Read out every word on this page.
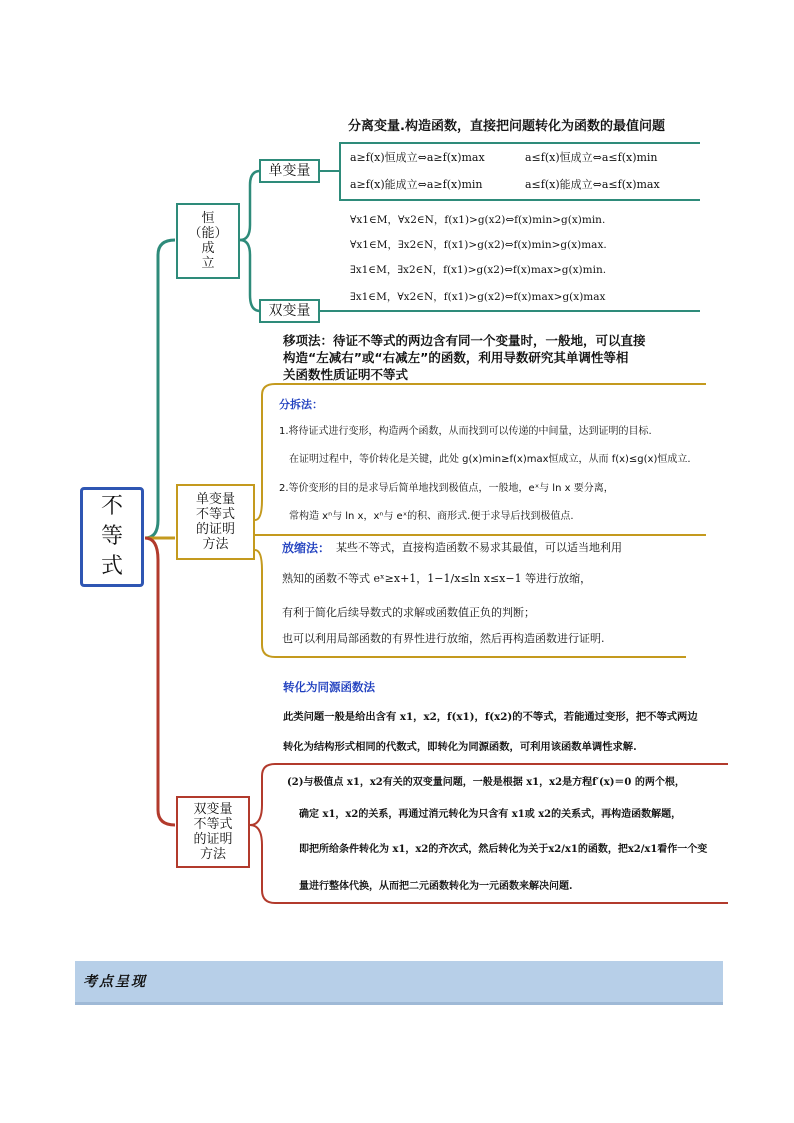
不
等
式
恒
（能）
成
立
单变量
双变量
分离变量.构造函数，直接把问题转化为函数的最值问题
a≥f(x)恒成立⇔a≥f(x)max	a≤f(x)恒成立⇔a≤f(x)min
a≥f(x)能成立⇔a≥f(x)min	a≤f(x)能成立⇔a≤f(x)max
∀x1∈M，∀x2∈N，f(x1)>g(x2)⇔f(x)min>g(x)min.
∀x1∈M，∃x2∈N，f(x1)>g(x2)⇔f(x)min>g(x)max.
∃x1∈M，∃x2∈N，f(x1)>g(x2)⇔f(x)max>g(x)min.
∃x1∈M，∀x2∈N，f(x1)>g(x2)⇔f(x)max>g(x)max
单变量
不等式
的证明
方法
移项法：待证不等式的两边含有同一个变量时，一般地，可以直接
构造“左减右”或“右减左”的函数，利用导数研究其单调性等相
关函数性质证明不等式
分拆法：
1.将待证式进行变形，构造两个函数，从而找到可以传递的中间量，达到证明的目标.
在证明过程中，等价转化是关键，此处 g(x)min≥f(x)max恒成立，从而 f(x)≤g(x)恒成立.
2.等价变形的目的是求导后简单地找到极值点，一般地，eˣ与 ln x 要分离，
常构造 xⁿ与 ln x，xⁿ与 eˣ的积、商形式.便于求导后找到极值点.
放缩法： 某些不等式，直接构造函数不易求其最值，可以适当地利用
熟知的函数不等式 eˣ≥x+1，1−1/x≤ln x≤x−1 等进行放缩，
有利于简化后续导数式的求解或函数值正负的判断；
也可以利用局部函数的有界性进行放缩，然后再构造函数进行证明.
双变量
不等式
的证明
方法
转化为同源函数法
此类问题一般是给出含有 x1，x2，f(x1)，f(x2)的不等式，若能通过变形，把不等式两边
转化为结构形式相同的代数式，即转化为同源函数，可利用该函数单调性求解.
(2)与极值点 x1，x2有关的双变量问题，一般是根据 x1，x2是方程f′(x)＝0 的两个根，
确定 x1，x2的关系，再通过消元转化为只含有 x1或 x2的关系式，再构造函数解题，
即把所给条件转化为 x1，x2的齐次式，然后转化为关于x2/x1的函数，把x2/x1看作一个变
量进行整体代换，从而把二元函数转化为一元函数来解决问题.
考点呈现
